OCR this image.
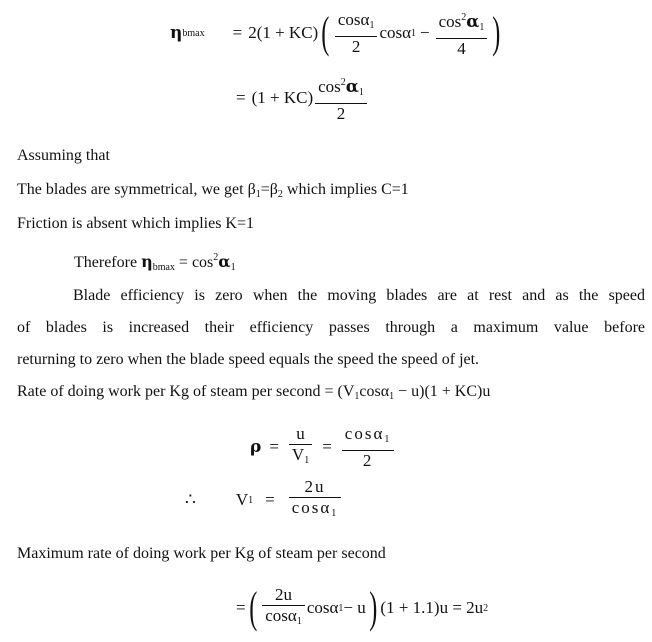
η bmax = 2(1 + KC) ( $\frac{\cos\alpha_1}{2}$ cosα $1 - \frac{\cos^2\alpha_1}{4}$ )
= $(1 + KC) \frac{\cos^2\alpha_1}{2}$
Assuming that
The blades are symmetrical, we get $\beta_1=\beta_2$ which implies C=1
Friction is absent which implies K=1
Therefore $\eta_{bmax} = \cos^2\alpha_1$
Blade efficiency is zero when the moving blades are at rest and as the speed
of blades is increased their efficiency passes through a maximum value before
returning to zero when the blade speed equals the speed the speed of jet.
Rate of doing work per Kg of steam per second = $(V_1\cos\alpha_1 - u)(1 + KC)u$
$\rho = \frac{u}{V_1} = \frac{\cos\alpha_1}{2}$
∴ V $1 = \frac{2u}{\cos\alpha_1}$
Maximum rate of doing work per Kg of steam per second
= ( $\frac{2u}{\cos\alpha_1}$ cosα 1 − u ) (1 + 1.1)u = 2u 2
